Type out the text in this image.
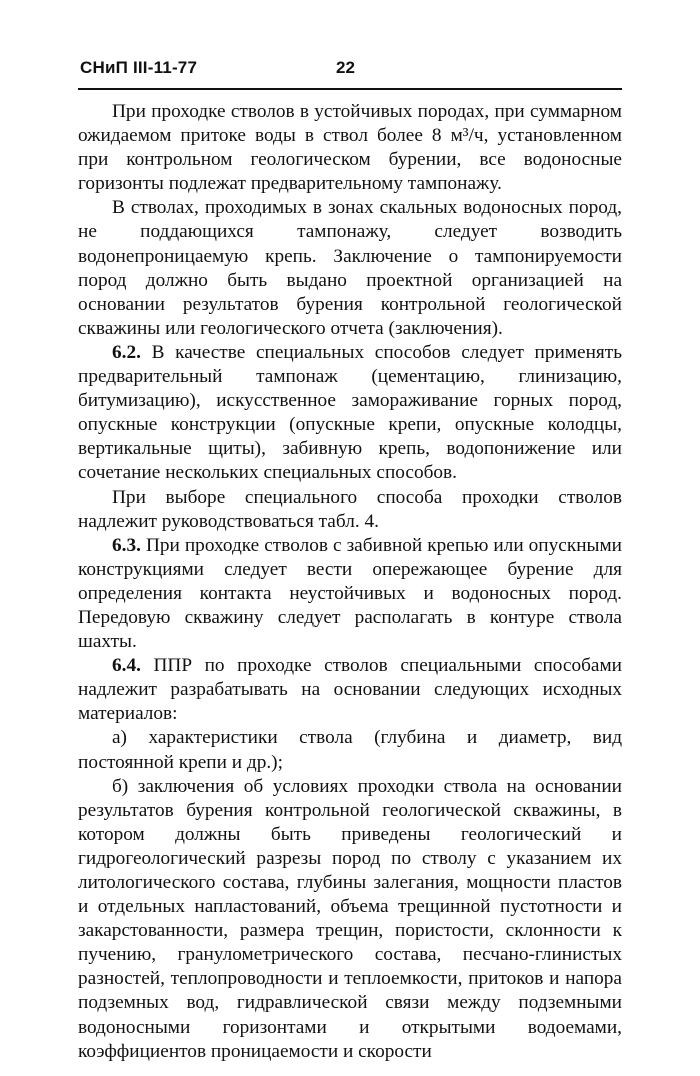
СНиП III-11-77	22

При проходке стволов в устойчивых породах, при суммарном ожидаемом притоке воды в ствол более 8 м³/ч, установленном при контрольном геологическом бурении, все водоносные горизонты подлежат предварительному тампонажу.

В стволах, проходимых в зонах скальных водоносных пород, не поддающихся тампонажу, следует возводить водонепроницаемую крепь. Заключение о тампонируемости пород должно быть выдано проектной организацией на основании результатов бурения контрольной геологической скважины или геологического отчета (заключения).

6.2. В качестве специальных способов следует применять предварительный тампонаж (цементацию, глинизацию, битумизацию), искусственное замораживание горных пород, опускные конструкции (опускные крепи, опускные колодцы, вертикальные щиты), забивную крепь, водопонижение или сочетание нескольких специальных способов.

При выборе специального способа проходки стволов надлежит руководствоваться табл. 4.

6.3. При проходке стволов с забивной крепью или опускными конструкциями следует вести опережающее бурение для определения контакта неустойчивых и водоносных пород. Передовую скважину следует располагать в контуре ствола шахты.

6.4. ППР по проходке стволов специальными способами надлежит разрабатывать на основании следующих исходных материалов:

а) характеристики ствола (глубина и диаметр, вид постоянной крепи и др.);

б) заключения об условиях проходки ствола на основании результатов бурения контрольной геологической скважины, в котором должны быть приведены геологический и гидрогеологический разрезы пород по стволу с указанием их литологического состава, глубины залегания, мощности пластов и отдельных напластований, объема трещинной пустотности и закарстованности, размера трещин, пористости, склонности к пучению, гранулометрического состава, песчано-глинистых разностей, теплопроводности и теплоемкости, притоков и напора подземных вод, гидравлической связи между подземными водоносными горизонтами и открытыми водоемами, коэффициентов проницаемости и скорости
